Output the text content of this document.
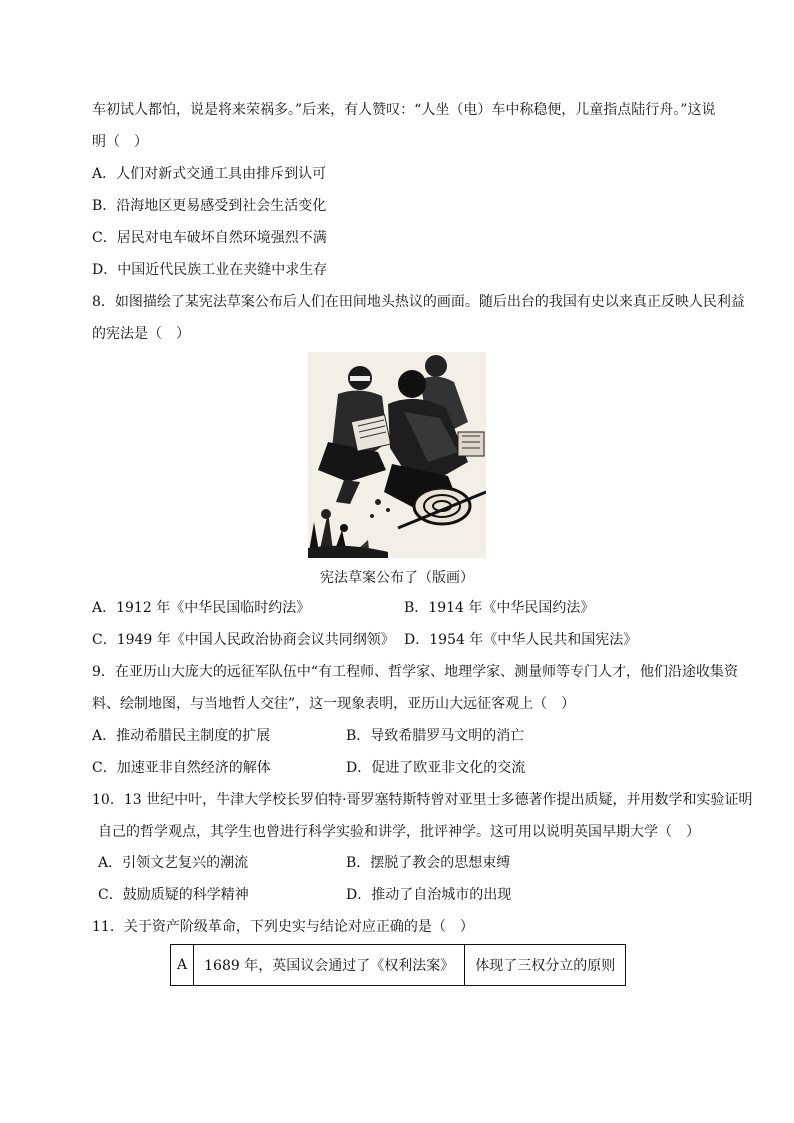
车初试人都怕，说是将来荣祸多。”后来，有人赞叹：“人坐（电）车中称稳便，儿童指点陆行舟。”这说
明（　）
A．人们对新式交通工具由排斥到认可
B．沿海地区更易感受到社会生活变化
C．居民对电车破坏自然环境强烈不满
D．中国近代民族工业在夹缝中求生存
8．如图描绘了某宪法草案公布后人们在田间地头热议的画面。随后出台的我国有史以来真正反映人民利益
的宪法是（　）
宪法草案公布了（版画）
A．1912 年《中华民国临时约法》	B．1914 年《中华民国约法》
C．1949 年《中国人民政治协商会议共同纲领》 D．1954 年《中华人民共和国宪法》
9．在亚历山大庞大的远征军队伍中“有工程师、哲学家、地理学家、测量师等专门人才，他们沿途收集资
料、绘制地图，与当地哲人交往”，这一现象表明，亚历山大远征客观上（　）
A．推动希腊民主制度的扩展	B．导致希腊罗马文明的消亡
C．加速亚非自然经济的解体	D．促进了欧亚非文化的交流
10．13 世纪中叶，牛津大学校长罗伯特·哥罗塞特斯特曾对亚里士多德著作提出质疑，并用数学和实验证明
自己的哲学观点，其学生也曾进行科学实验和讲学，批评神学。这可用以说明英国早期大学（　）
A．引领文艺复兴的潮流	B．摆脱了教会的思想束缚
C．鼓励质疑的科学精神	D．推动了自治城市的出现
11．关于资产阶级革命，下列史实与结论对应正确的是（　）
A	1689 年，英国议会通过了《权利法案》	体现了三权分立的原则
